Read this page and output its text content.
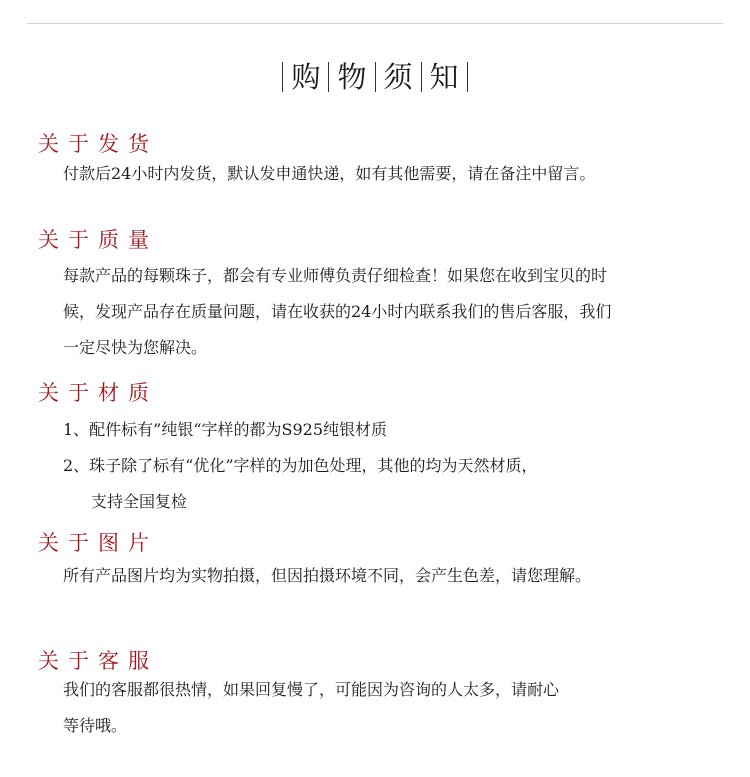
购 物 须 知
关于发货

付款后24小时内发货，默认发申通快递，如有其他需要，请在备注中留言。

关于质量

每款产品的每颗珠子，都会有专业师傅负责仔细检查！如果您在收到宝贝的时
候，发现产品存在质量问题，请在收获的24小时内联系我们的售后客服，我们
一定尽快为您解决。

关于材质

1、配件标有”纯银“字样的都为S925纯银材质
2、珠子除了标有“优化”字样的为加色处理，其他的均为天然材质，
支持全国复检

关于图片

所有产品图片均为实物拍摄，但因拍摄环境不同，会产生色差，请您理解。

关于客服

我们的客服都很热情，如果回复慢了，可能因为咨询的人太多，请耐心
等待哦。
